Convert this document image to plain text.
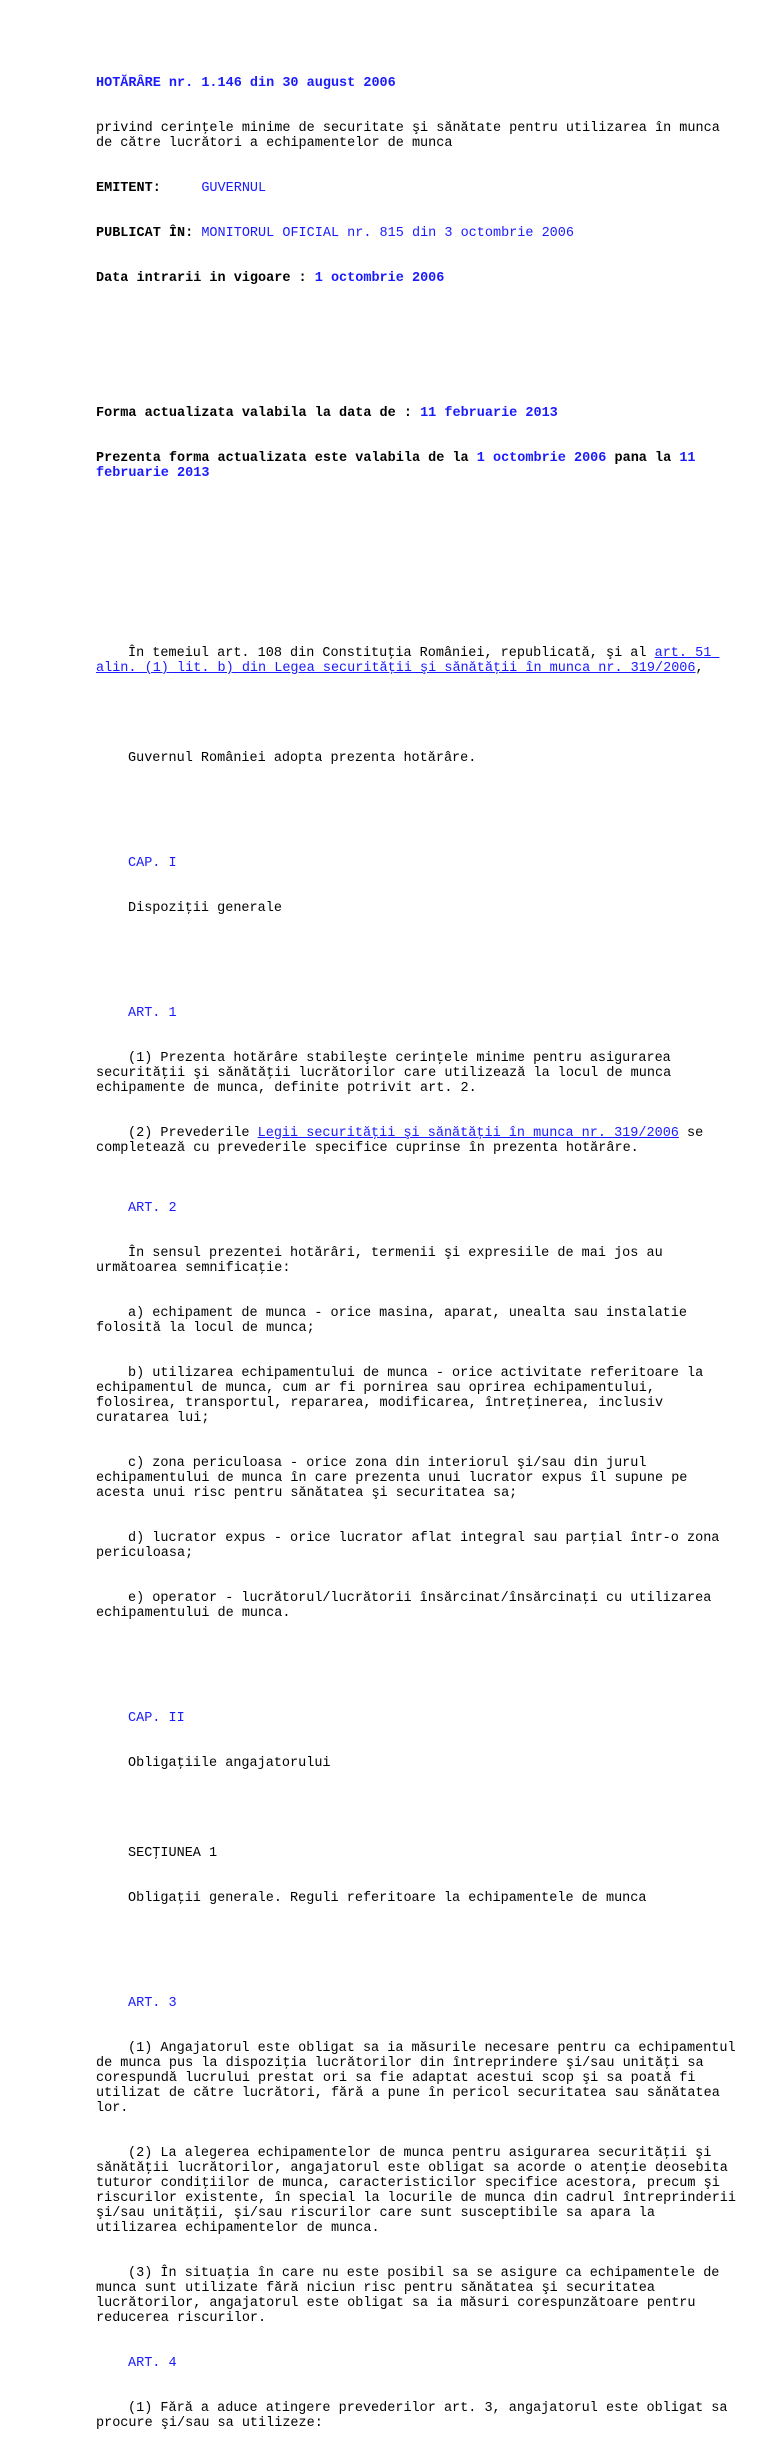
HOTĂRÂRE nr. 1.146 din 30 august 2006

privind cerinţele minime de securitate şi sănătate pentru utilizarea în munca de către lucrători a echipamentelor de munca

EMITENT:	GUVERNUL

PUBLICAT ÎN: MONITORUL OFICIAL nr. 815 din 3 octombrie 2006

Data intrarii in vigoare : 1 octombrie 2006

Forma actualizata valabila la data de : 11 februarie 2013

Prezenta forma actualizata este valabila de la 1 octombrie 2006 pana la 11 februarie 2013

În temeiul art. 108 din Constituţia României, republicată, şi al art. 51 alin. (1) lit. b) din Legea securităţii şi sănătăţii în munca nr. 319/2006,

Guvernul României adopta prezenta hotărâre.

CAP. I

Dispoziţii generale

ART. 1

(1) Prezenta hotărâre stabileşte cerinţele minime pentru asigurarea securităţii şi sănătăţii lucrătorilor care utilizează la locul de munca echipamente de munca, definite potrivit art. 2.

(2) Prevederile Legii securităţii şi sănătăţii în munca nr. 319/2006 se completează cu prevederile specifice cuprinse în prezenta hotărâre.

ART. 2

În sensul prezentei hotărâri, termenii şi expresiile de mai jos au următoarea semnificaţie:

a) echipament de munca - orice masina, aparat, unealta sau instalatie folosită la locul de munca;

b) utilizarea echipamentului de munca - orice activitate referitoare la echipamentul de munca, cum ar fi pornirea sau oprirea echipamentului, folosirea, transportul, repararea, modificarea, întreţinerea, inclusiv curatarea lui;

c) zona periculoasa - orice zona din interiorul şi/sau din jurul echipamentului de munca în care prezenta unui lucrator expus îl supune pe acesta unui risc pentru sănătatea şi securitatea sa;

d) lucrator expus - orice lucrator aflat integral sau parţial într-o zona periculoasa;

e) operator - lucrătorul/lucrătorii însărcinat/însărcinaţi cu utilizarea echipamentului de munca.

CAP. II

Obligaţiile angajatorului

SECŢIUNEA 1

Obligaţii generale. Reguli referitoare la echipamentele de munca

ART. 3

(1) Angajatorul este obligat sa ia măsurile necesare pentru ca echipamentul de munca pus la dispoziţia lucrătorilor din întreprindere şi/sau unităţi sa corespundă lucrului prestat ori sa fie adaptat acestui scop şi sa poată fi utilizat de către lucrători, fără a pune în pericol securitatea sau sănătatea lor.

(2) La alegerea echipamentelor de munca pentru asigurarea securităţii şi sănătăţii lucrătorilor, angajatorul este obligat sa acorde o atenţie deosebita tuturor condiţiilor de munca, caracteristicilor specifice acestora, precum şi riscurilor existente, în special la locurile de munca din cadrul întreprinderii şi/sau unităţii, şi/sau riscurilor care sunt susceptibile sa apara la utilizarea echipamentelor de munca.

(3) În situaţia în care nu este posibil sa se asigure ca echipamentele de munca sunt utilizate fără niciun risc pentru sănătatea şi securitatea lucrătorilor, angajatorul este obligat sa ia măsuri corespunzătoare pentru reducerea riscurilor.

ART. 4

(1) Fără a aduce atingere prevederilor art. 3, angajatorul este obligat sa procure şi/sau sa utilizeze:
